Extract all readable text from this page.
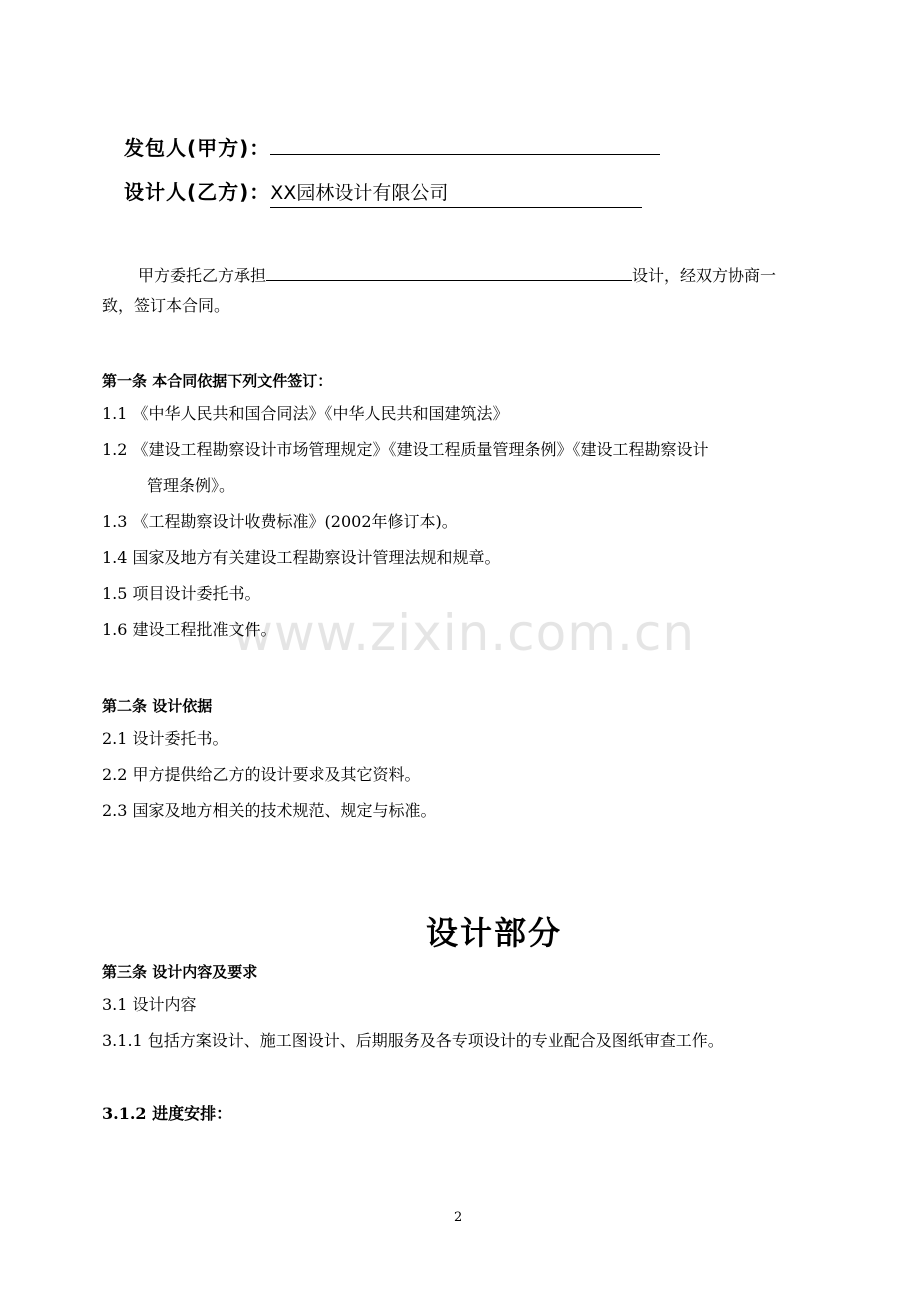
发包人(甲方)：
设计人(乙方)：XX园林设计有限公司
甲方委托乙方承担	设计，经双方协商一
致，签订本合同。
第一条 本合同依据下列文件签订：
1.1 《中华人民共和国合同法》《中华人民共和国建筑法》
1.2 《建设工程勘察设计市场管理规定》《建设工程质量管理条例》《建设工程勘察设计
管理条例》。
1.3 《工程勘察设计收费标准》(2002年修订本)。
1.4 国家及地方有关建设工程勘察设计管理法规和规章。
1.5 项目设计委托书。
1.6 建设工程批准文件。
www.zixin.com.cn
第二条 设计依据
2.1 设计委托书。
2.2 甲方提供给乙方的设计要求及其它资料。
2.3 国家及地方相关的技术规范、规定与标准。
设计部分
第三条 设计内容及要求
3.1 设计内容
3.1.1 包括方案设计、施工图设计、后期服务及各专项设计的专业配合及图纸审查工作。
3.1.2 进度安排：
2
